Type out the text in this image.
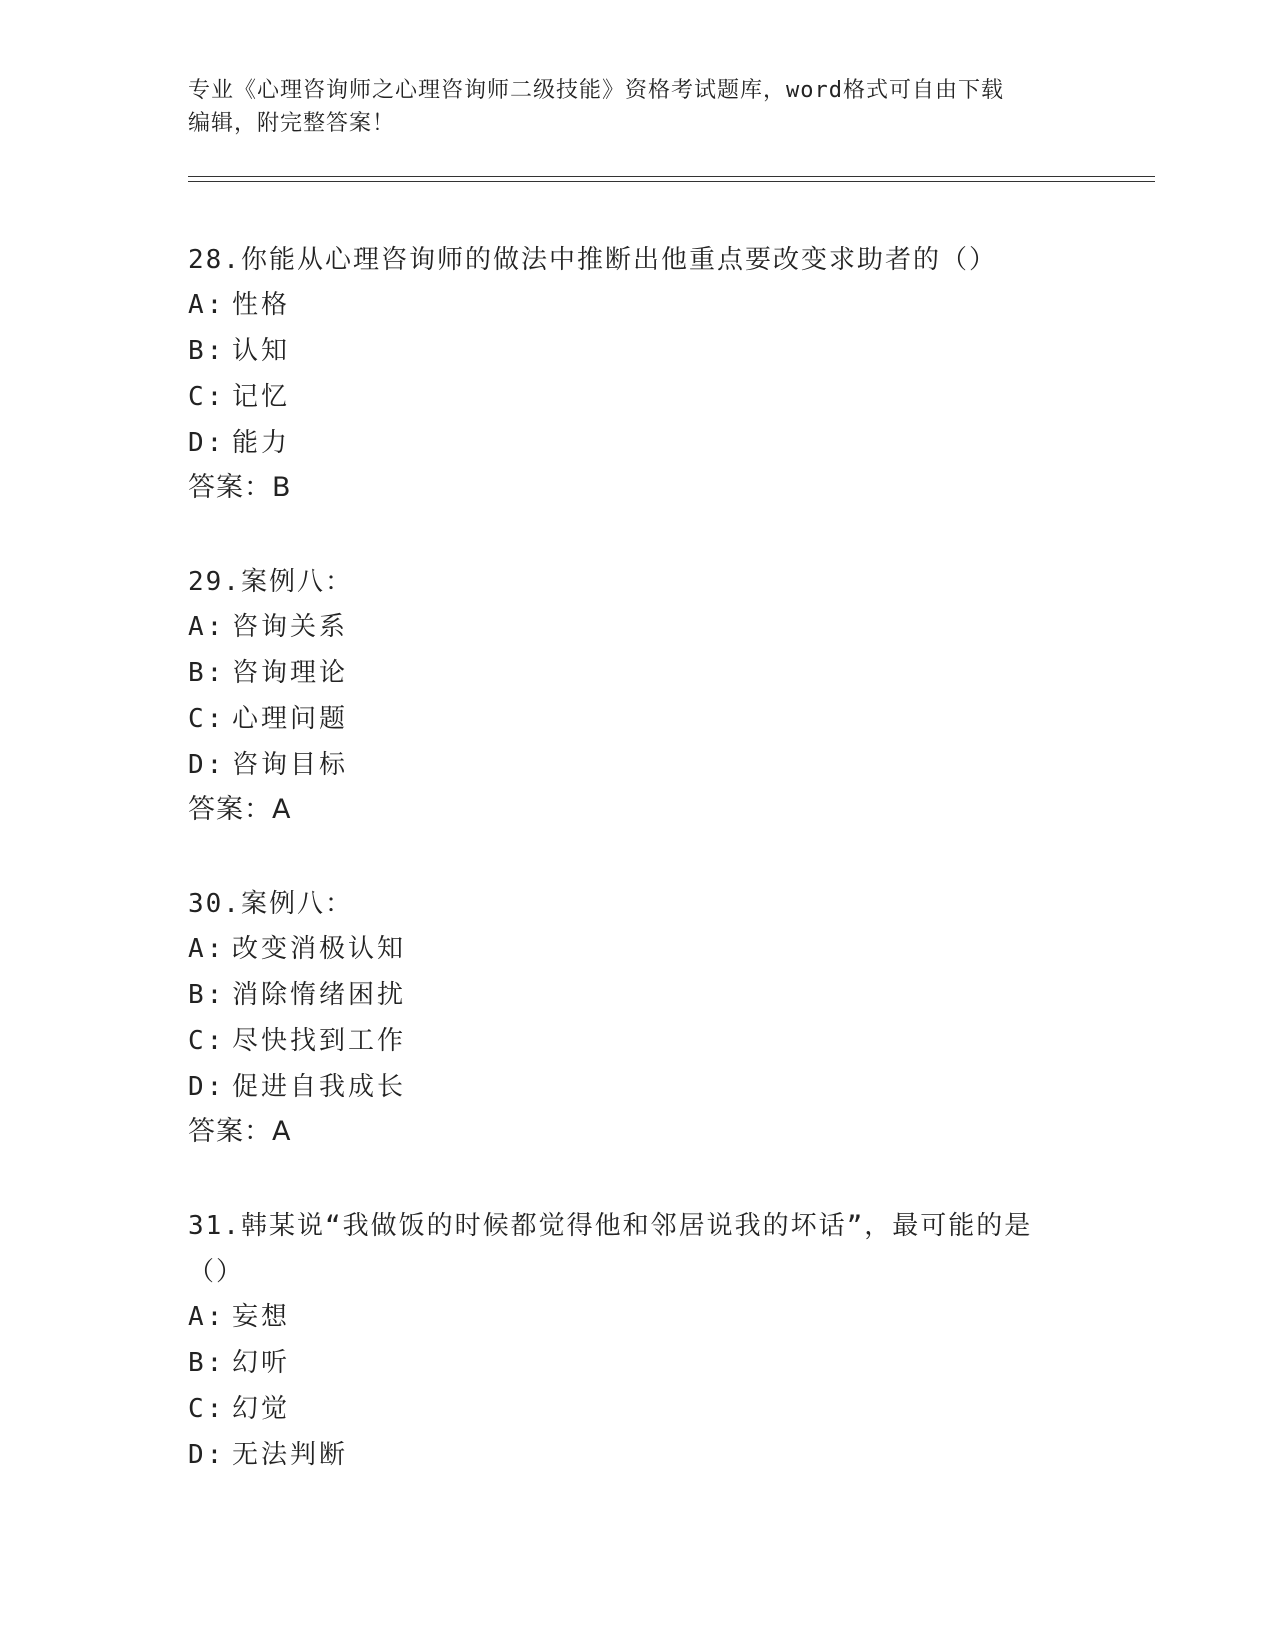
专业《心理咨询师之心理咨询师二级技能》资格考试题库，word格式可自由下载
编辑，附完整答案！
28.你能从心理咨询师的做法中推断出他重点要改变求助者的（）
A: 性格
B: 认知
C: 记忆
D: 能力
答案：B
29.案例八：
A: 咨询关系
B: 咨询理论
C: 心理问题
D: 咨询目标
答案：A
30.案例八：
A: 改变消极认知
B: 消除惰绪困扰
C: 尽快找到工作
D: 促进自我成长
答案：A
31.韩某说“我做饭的时候都觉得他和邻居说我的坏话”，最可能的是
（）
A: 妄想
B: 幻听
C: 幻觉
D: 无法判断
